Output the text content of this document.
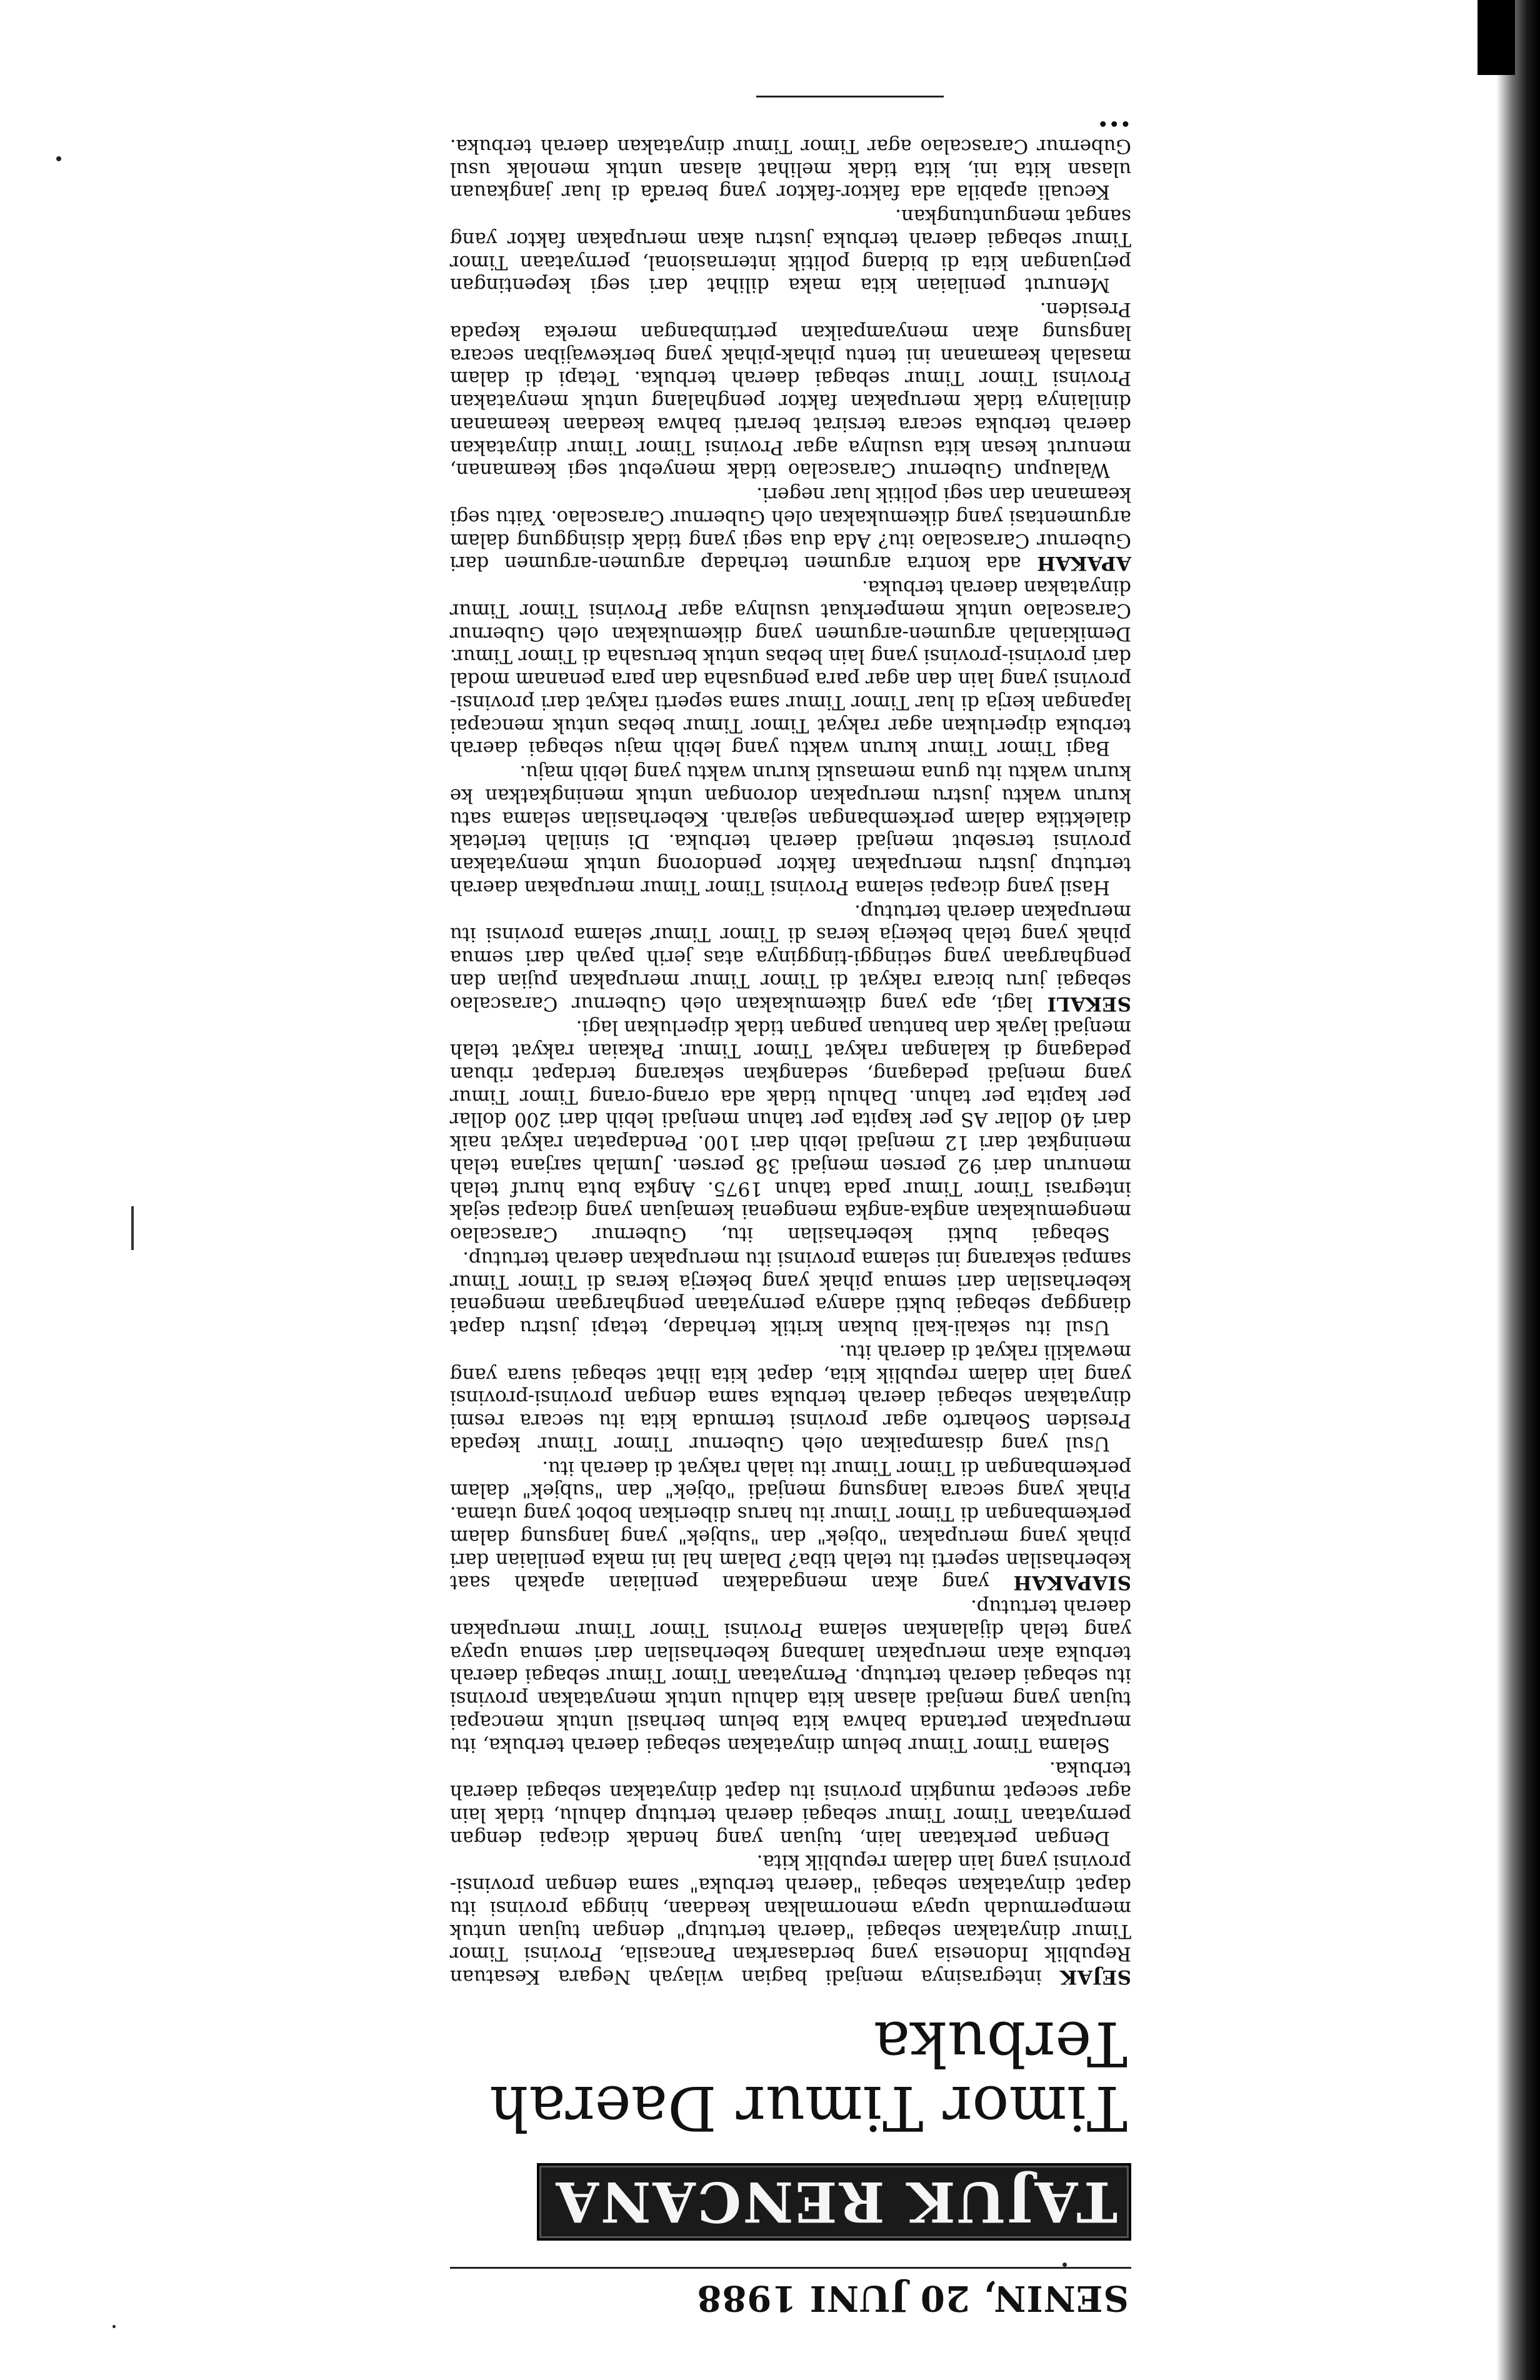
SENIN, 20 JUNI 1988
TAJUK RENCANA
Timor Timur Daerah Terbuka

SEJAK integrasinya menjadi bagian wilayah Negara Kesatuan Republik Indonesia yang berdasarkan Pancasila, Provinsi Timor Timur dinyatakan sebagai "daerah tertutup" dengan tujuan untuk mempermudah upaya menormalkan keadaan, hingga provinsi itu dapat dinyatakan sebagai "daerah terbuka" sama dengan provinsi-provinsi yang lain dalam republik kita.

Dengan perkataan lain, tujuan yang hendak dicapai dengan pernyataan Timor Timur sebagai daerah tertutup dahulu, tidak lain agar secepat mungkin provinsi itu dapat dinyatakan sebagai daerah terbuka.

Selama Timor Timur belum dinyatakan sebagai daerah terbuka, itu merupakan pertanda bahwa kita belum berhasil untuk mencapai tujuan yang menjadi alasan kita dahulu untuk menyatakan provinsi itu sebagai daerah tertutup. Pernyataan Timor Timur sebagai daerah terbuka akan merupakan lambang keberhasilan dari semua upaya yang telah dijalankan selama Provinsi Timor Timur merupakan daerah tertutup.

SIAPAKAH yang akan mengadakan penilaian apakah saat keberhasilan seperti itu telah tiba? Dalam hal ini maka penilaian dari pihak yang merupakan "objek" dan "subjek" yang langsung dalam perkembangan di Timor Timur itu harus diberikan bobot yang utama. Pihak yang secara langsung menjadi "objek" dan "subjek" dalam perkembangan di Timor Timur itu ialah rakyat di daerah itu.

Usul yang disampaikan oleh Gubernur Timor Timur kepada Presiden Soeharto agar provinsi termuda kita itu secara resmi dinyatakan sebagai daerah terbuka sama dengan provinsi-provinsi yang lain dalam republik kita, dapat kita lihat sebagai suara yang mewakili rakyat di daerah itu.

Usul itu sekali-kali bukan kritik terhadap, tetapi justru dapat dianggap sebagai bukti adanya pernyataan penghargaan mengenai keberhasilan dari semua pihak yang bekerja keras di Timor Timur sampai sekarang ini selama provinsi itu merupakan daerah tertutup.

Sebagai bukti keberhasilan itu, Gubernur Carascalao mengemukakan angka-angka mengenai kemajuan yang dicapai sejak integrasi Timor Timur pada tahun 1975. Angka buta huruf telah menurun dari 92 persen menjadi 38 persen. Jumlah sarjana telah meningkat dari 12 menjadi lebih dari 100. Pendapatan rakyat naik dari 40 dollar AS per kapita per tahun menjadi lebih dari 200 dollar per kapita per tahun. Dahulu tidak ada orang-orang Timor Timur yang menjadi pedagang, sedangkan sekarang terdapat ribuan pedagang di kalangan rakyat Timor Timur. Pakaian rakyat telah menjadi layak dan bantuan pangan tidak diperlukan lagi.

SEKALI lagi, apa yang dikemukakan oleh Gubernur Carascalao sebagai juru bicara rakyat di Timor Timur merupakan pujian dan penghargaan yang setinggi-tingginya atas jerih payah dari semua pihak yang telah bekerja keras di Timor Timur selama provinsi itu merupakan daerah tertutup.

Hasil yang dicapai selama Provinsi Timor Timur merupakan daerah tertutup justru merupakan faktor pendorong untuk menyatakan provinsi tersebut menjadi daerah terbuka. Di sinilah terletak dialektika dalam perkembangan sejarah. Keberhasilan selama satu kurun waktu justru merupakan dorongan untuk meningkatkan ke kurun waktu itu guna memasuki kurun waktu yang lebih maju.

Bagi Timor Timur kurun waktu yang lebih maju sebagai daerah terbuka diperlukan agar rakyat Timor Timur bebas untuk mencapai lapangan kerja di luar Timor Timur sama seperti rakyat dari provinsi-provinsi yang lain dan agar para pengusaha dan para penanam modal dari provinsi-provinsi yang lain bebas untuk berusaha di Timor Timur. Demikianlah argumen-argumen yang dikemukakan oleh Gubernur Carascalao untuk memperkuat usulnya agar Provinsi Timor Timur dinyatakan daerah terbuka.

APAKAH ada kontra argumen terhadap argumen-argumen dari Gubernur Carascalao itu? Ada dua segi yang tidak disinggung dalam argumentasi yang dikemukakan oleh Gubernur Carascalao. Yaitu segi keamanan dan segi politik luar negeri.

Walaupun Gubernur Carascalao tidak menyebut segi keamanan, menurut kesan kita usulnya agar Provinsi Timor Timur dinyatakan daerah terbuka secara tersirat berarti bahwa keadaan keamanan dinilainya tidak merupakan faktor penghalang untuk menyatakan Provinsi Timor Timur sebagai daerah terbuka. Tetapi di dalam masalah keamanan ini tentu pihak-pihak yang berkewajiban secara langsung akan menyampaikan pertimbangan mereka kepada Presiden.

Menurut penilaian kita maka dilihat dari segi kepentingan perjuangan kita di bidang politik internasional, pernyataan Timor Timur sebagai daerah terbuka justru akan merupakan faktor yang sangat menguntungkan.

Kecuali apabila ada faktor-faktor yang berada di luar jangkauan ulasan kita ini, kita tidak melihat alasan untuk menolak usul Gubernur Carascalao agar Timor Timur dinyatakan daerah terbuka. •••
